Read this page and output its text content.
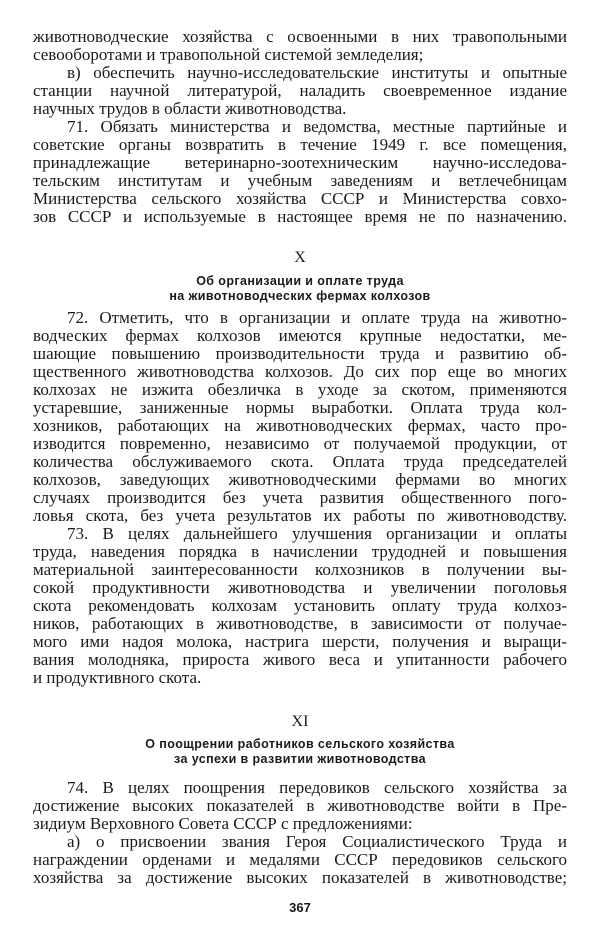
животноводческие хозяйства с освоенными в них травопольными
севооборотами и травопольной системой земледелия;
в) обеспечить научно-исследовательские институты и опытные
станции научной литературой, наладить своевременное издание
научных трудов в области животноводства.
71. Обязать министерства и ведомства, местные партийные и
советские органы возвратить в течение 1949 г. все помещения,
принадлежащие ветеринарно-зоотехническим научно-исследова-
тельским институтам и учебным заведениям и ветлечебницам
Министерства сельского хозяйства СССР и Министерства совхо-
зов СССР и используемые в настоящее время не по назначению.
X
Об организации и оплате труда
на животноводческих фермах колхозов
72. Отметить, что в организации и оплате труда на животно-
водческих фермах колхозов имеются крупные недостатки, ме-
шающие повышению производительности труда и развитию об-
щественного животноводства колхозов. До сих пор еще во многих
колхозах не изжита обезличка в уходе за скотом, применяются
устаревшие, заниженные нормы выработки. Оплата труда кол-
хозников, работающих на животноводческих фермах, часто про-
изводится повременно, независимо от получаемой продукции, от
количества обслуживаемого скота. Оплата труда председателей
колхозов, заведующих животноводческими фермами во многих
случаях производится без учета развития общественного пого-
ловья скота, без учета результатов их работы по животноводству.
73. В целях дальнейшего улучшения организации и оплаты
труда, наведения порядка в начислении трудодней и повышения
материальной заинтересованности колхозников в получении вы-
сокой продуктивности животноводства и увеличении поголовья
скота рекомендовать колхозам установить оплату труда колхоз-
ников, работающих в животноводстве, в зависимости от получае-
мого ими надоя молока, настрига шерсти, получения и выращи-
вания молодняка, прироста живого веса и упитанности рабочего
и продуктивного скота.
XI
О поощрении работников сельского хозяйства
за успехи в развитии животноводства
74. В целях поощрения передовиков сельского хозяйства за
достижение высоких показателей в животноводстве войти в Пре-
зидиум Верховного Совета СССР с предложениями:
а) о присвоении звания Героя Социалистического Труда и
награждении орденами и медалями СССР передовиков сельского
хозяйства за достижение высоких показателей в животноводстве;
367
